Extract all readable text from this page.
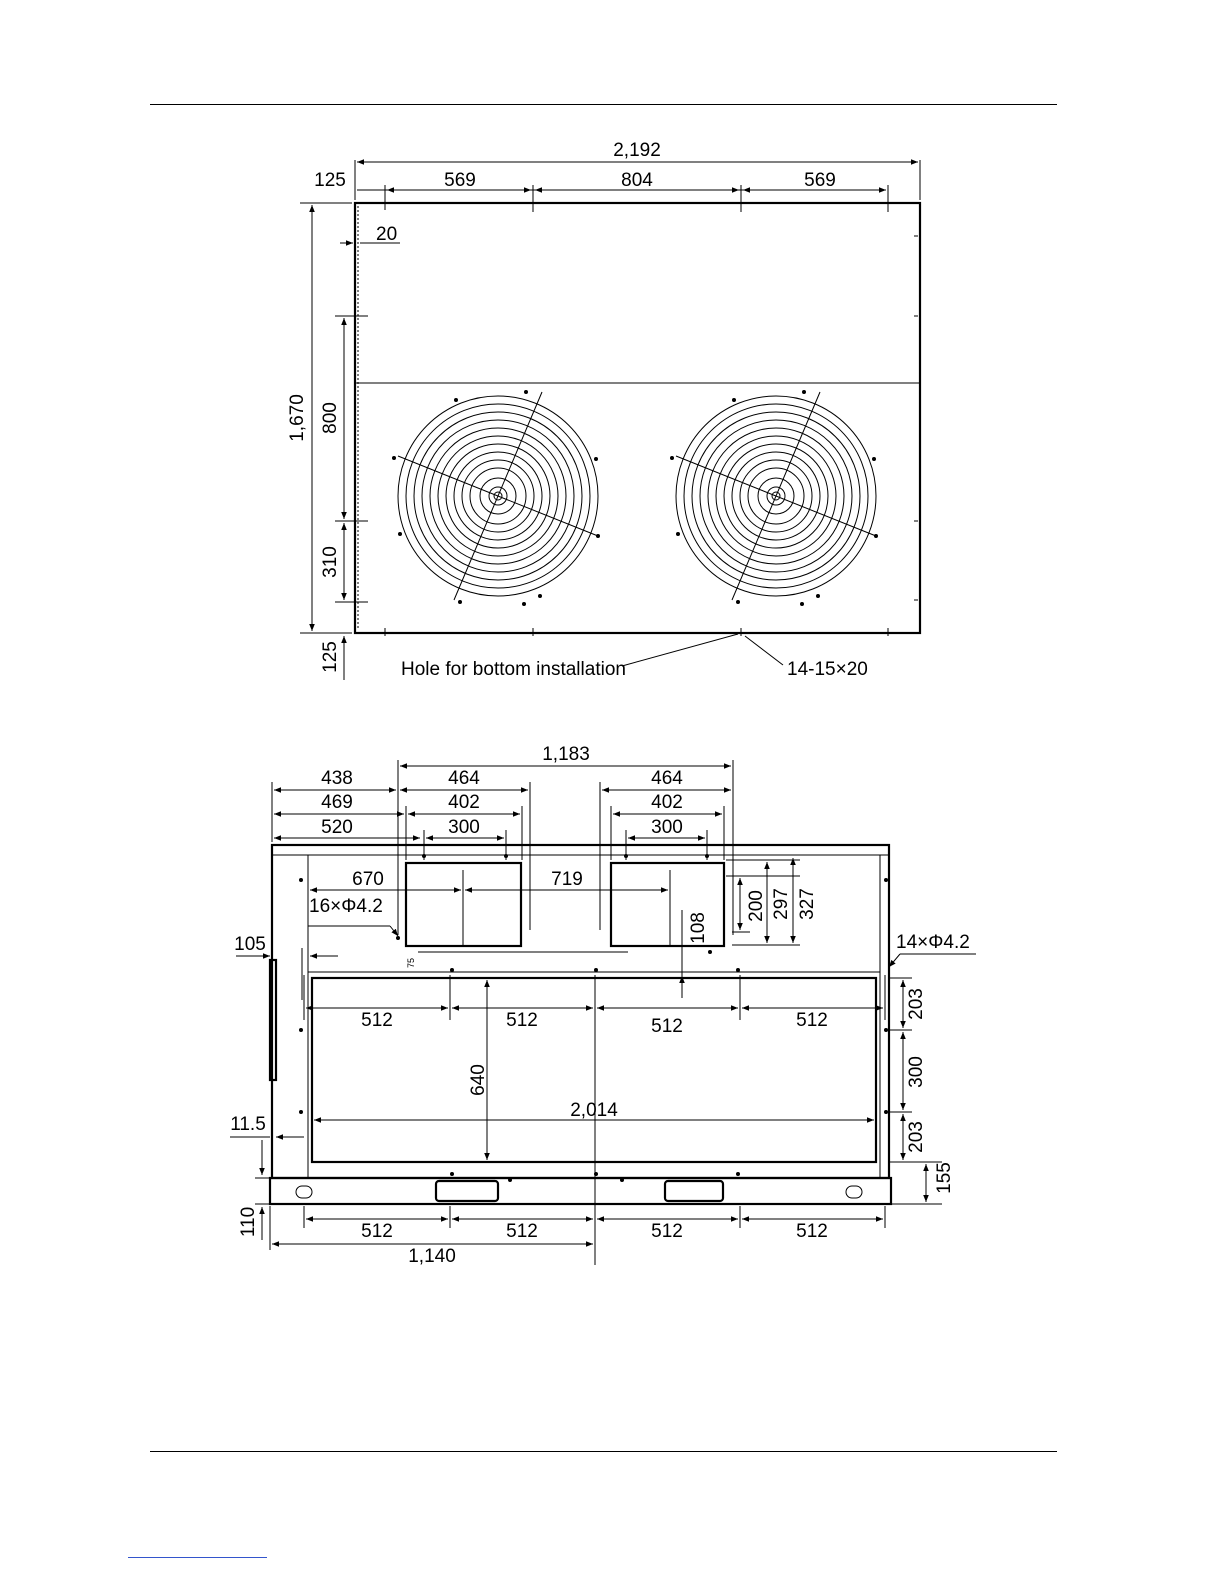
2,192
125	569	804	569
20
1,670 800
310
125	Hole for bottom installation	14-15×20
1,183
438
469
520
464
402
300
464
402
300
670	719
16×Φ4.2
105
75
108
200 297 327
14×Φ4.2
512	512	512	512
640
2,014
11.5
203
300
203
155
110	512	512	512	512
1,140
